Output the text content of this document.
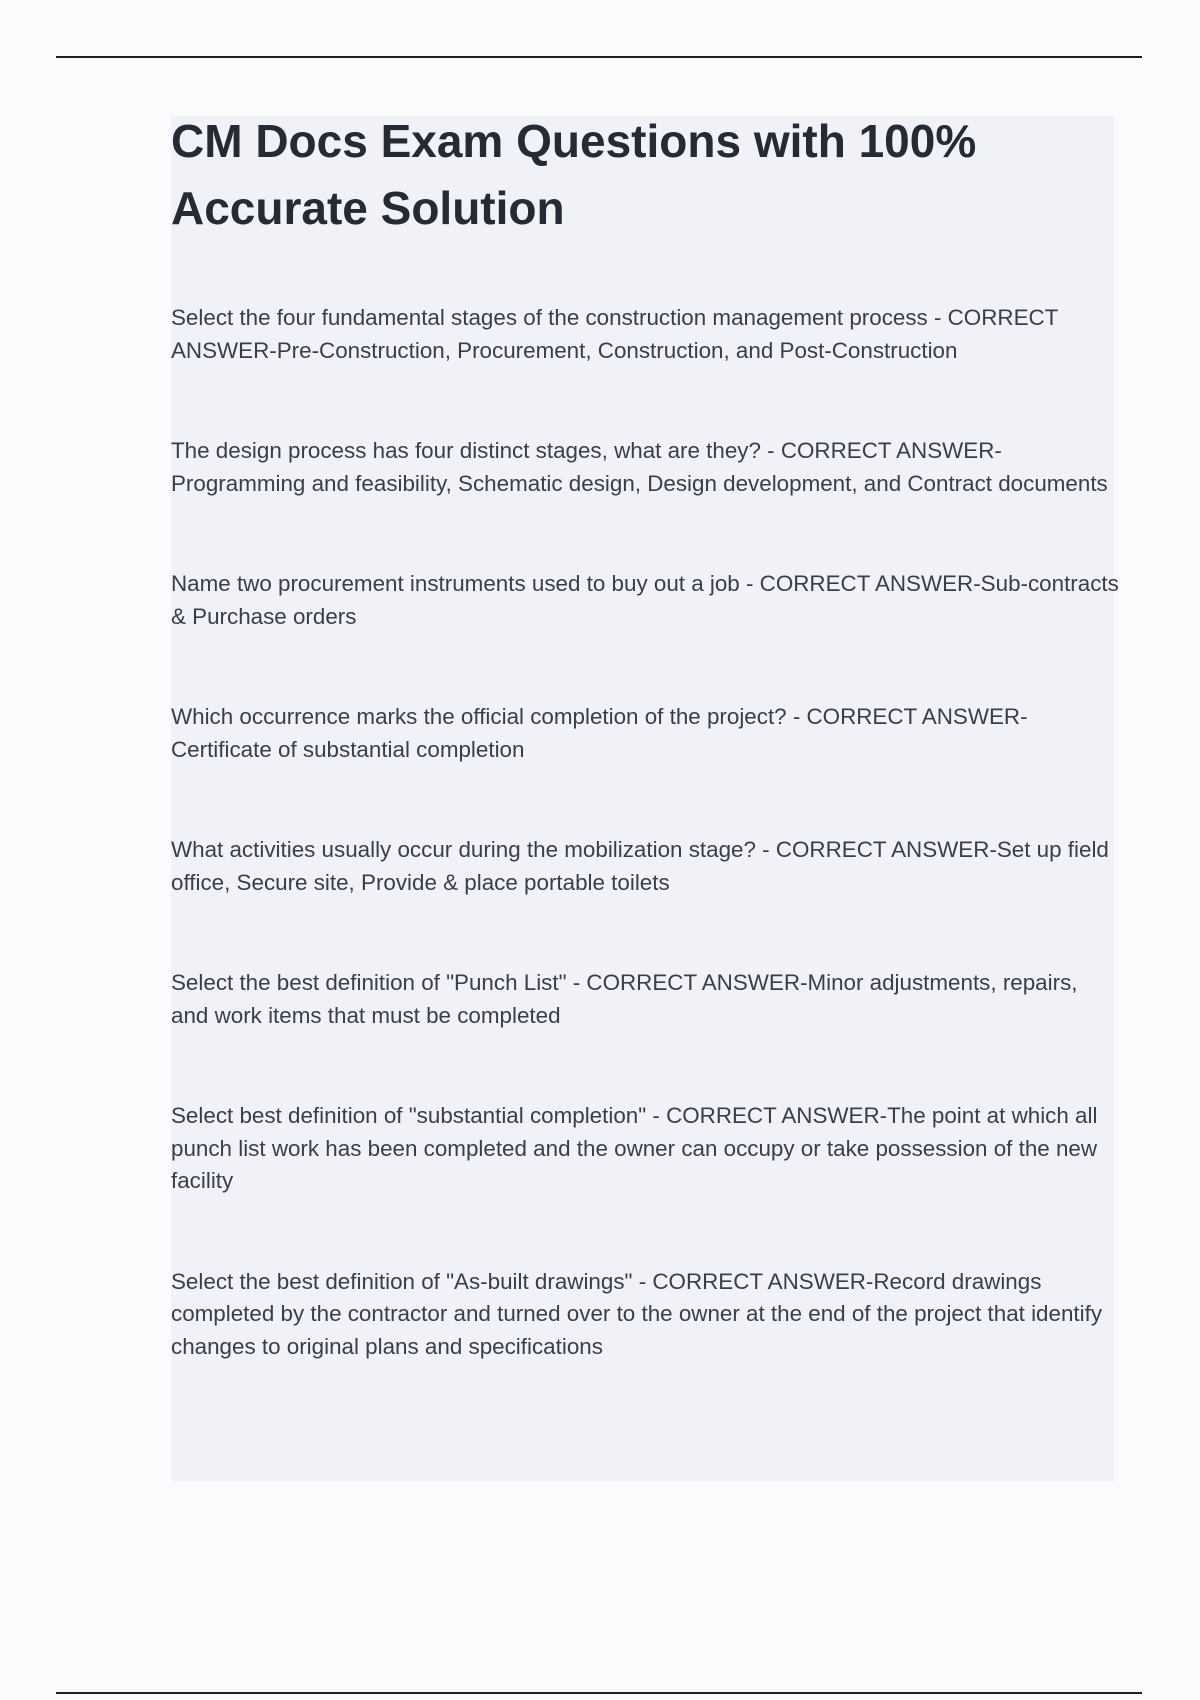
CM Docs Exam Questions with 100% Accurate Solution

Select the four fundamental stages of the construction management process - CORRECT ANSWER-Pre-Construction, Procurement, Construction, and Post-Construction

The design process has four distinct stages, what are they? - CORRECT ANSWER-Programming and feasibility, Schematic design, Design development, and Contract documents

Name two procurement instruments used to buy out a job - CORRECT ANSWER-Sub-contracts & Purchase orders

Which occurrence marks the official completion of the project? - CORRECT ANSWER-Certificate of substantial completion

What activities usually occur during the mobilization stage? - CORRECT ANSWER-Set up field office, Secure site, Provide & place portable toilets

Select the best definition of "Punch List" - CORRECT ANSWER-Minor adjustments, repairs, and work items that must be completed

Select best definition of "substantial completion" - CORRECT ANSWER-The point at which all punch list work has been completed and the owner can occupy or take possession of the new facility

Select the best definition of "As-built drawings" - CORRECT ANSWER-Record drawings completed by the contractor and turned over to the owner at the end of the project that identify changes to original plans and specifications
